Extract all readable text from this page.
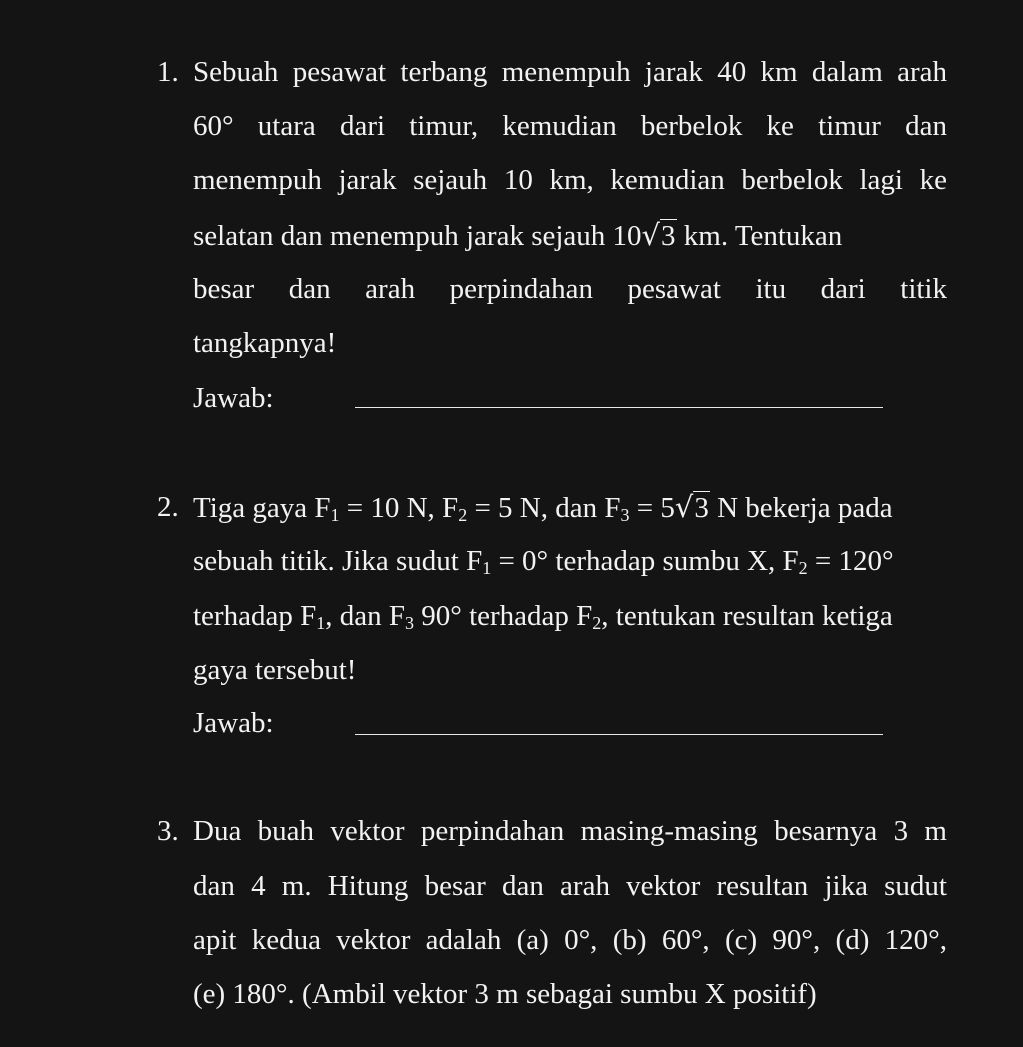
1. Sebuah pesawat terbang menempuh jarak 40 km dalam arah
60° utara dari timur, kemudian berbelok ke timur dan
menempuh jarak sejauh 10 km, kemudian berbelok lagi ke
selatan dan menempuh jarak sejauh 10√3 km. Tentukan
besar dan arah perpindahan pesawat itu dari titik
tangkapnya!
Jawab:
2. Tiga gaya $F_1 = 10$ N, $F_2 = 5$ N, dan $F_3 = 5√3$ N bekerja pada
sebuah titik. Jika sudut $F_1 = 0^\circ$ terhadap sumbu X, $F_2 = 120^\circ$
terhadap $F_1$, dan $F_3$ 90° terhadap $F_2$, tentukan resultan ketiga
gaya tersebut!
Jawab:
3. Dua buah vektor perpindahan masing-masing besarnya 3 m
dan 4 m. Hitung besar dan arah vektor resultan jika sudut
apit kedua vektor adalah (a) 0°, (b) 60°, (c) 90°, (d) 120°,
(e) 180°. (Ambil vektor 3 m sebagai sumbu X positif)
